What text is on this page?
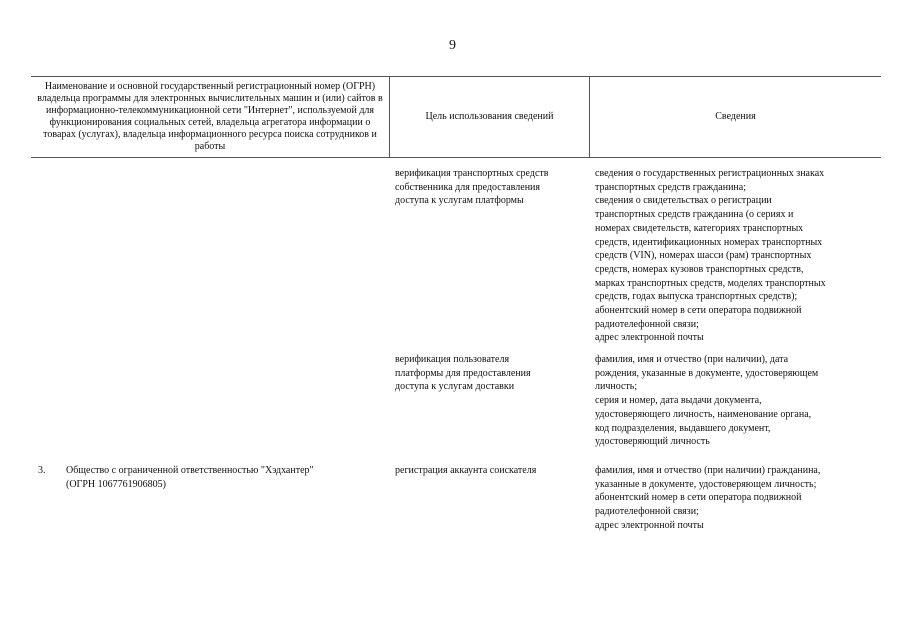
9
Наименование и основной государственный регистрационный номер (ОГРН) владельца программы для электронных вычислительных машин и (или) сайтов в информационно-телекоммуникационной сети "Интернет", используемой для функционирования социальных сетей, владельца агрегатора информации о товарах (услугах), владельца информационного ресурса поиска сотрудников и работы
Цель использования сведений	Сведения
верификация транспортных средств
собственника для предоставления
доступа к услугам платформы
сведения о государственных регистрационных знаках
транспортных средств гражданина;
сведения о свидетельствах о регистрации
транспортных средств гражданина (о сериях и
номерах свидетельств, категориях транспортных
средств, идентификационных номерах транспортных
средств (VIN), номерах шасси (рам) транспортных
средств, номерах кузовов транспортных средств,
марках транспортных средств, моделях транспортных
средств, годах выпуска транспортных средств);
абонентский номер в сети оператора подвижной
радиотелефонной связи;
адрес электронной почты
верификация пользователя
платформы для предоставления
доступа к услугам доставки
фамилия, имя и отчество (при наличии), дата
рождения, указанные в документе, удостоверяющем
личность;
серия и номер, дата выдачи документа,
удостоверяющего личность, наименование органа,
код подразделения, выдавшего документ,
удостоверяющий личность
3. Общество с ограниченной ответственностью "Хэдхантер"
(ОГРН 1067761906805)
регистрация аккаунта соискателя	фамилия, имя и отчество (при наличии) гражданина,
указанные в документе, удостоверяющем личность;
абонентский номер в сети оператора подвижной
радиотелефонной связи;
адрес электронной почты
